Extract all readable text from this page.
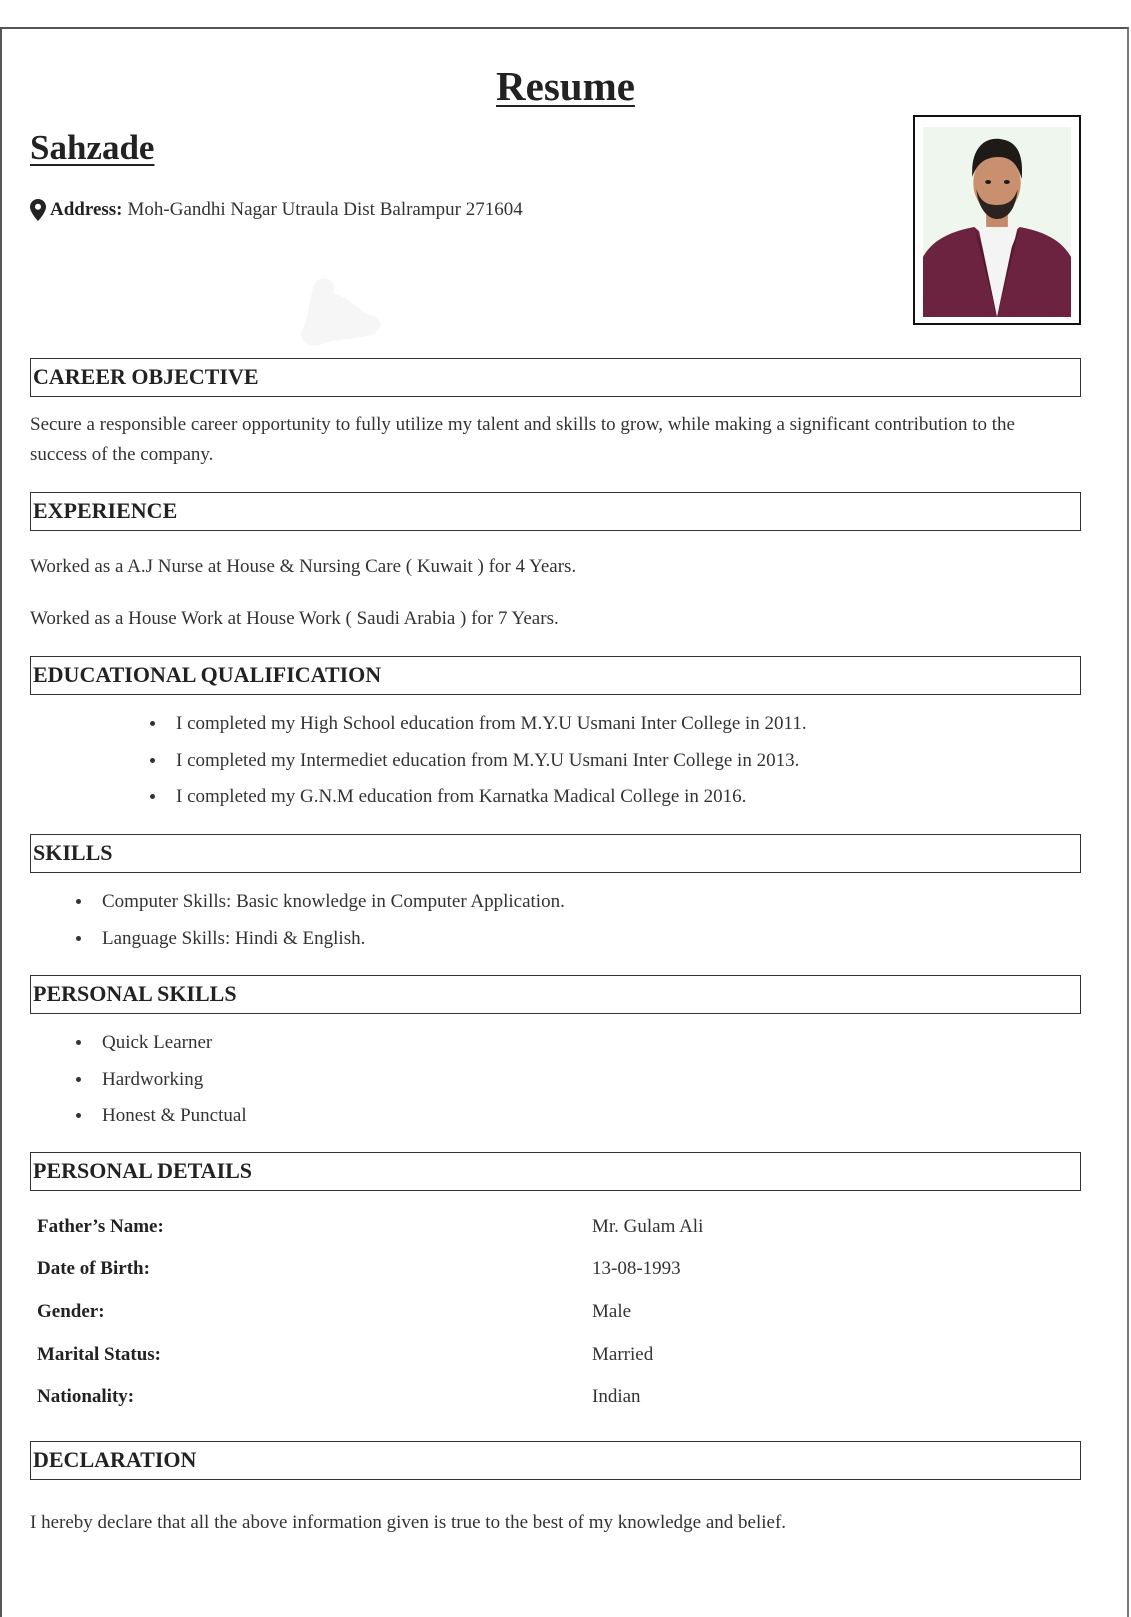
Resume
Sahzade
Address: Moh-Gandhi Nagar Utraula Dist Balrampur 271604
CAREER OBJECTIVE
Secure a responsible career opportunity to fully utilize my talent and skills to grow, while making a significant contribution to the success of the company.
EXPERIENCE
Worked as a A.J Nurse at House & Nursing Care ( Kuwait ) for 4 Years.
Worked as a House Work at House Work ( Saudi Arabia ) for 7 Years.
EDUCATIONAL QUALIFICATION
I completed my High School education from M.Y.U Usmani Inter College in 2011.
I completed my Intermediet education from M.Y.U Usmani Inter College in 2013.
I completed my G.N.M education from Karnatka Madical College in 2016.
SKILLS
Computer Skills: Basic knowledge in Computer Application.
Language Skills: Hindi & English.
PERSONAL SKILLS
Quick Learner
Hardworking
Honest & Punctual
PERSONAL DETAILS
Father’s Name:	Mr. Gulam Ali
Date of Birth:	13-08-1993
Gender:	Male
Marital Status:	Married
Nationality:	Indian
DECLARATION
I hereby declare that all the above information given is true to the best of my knowledge and belief.
